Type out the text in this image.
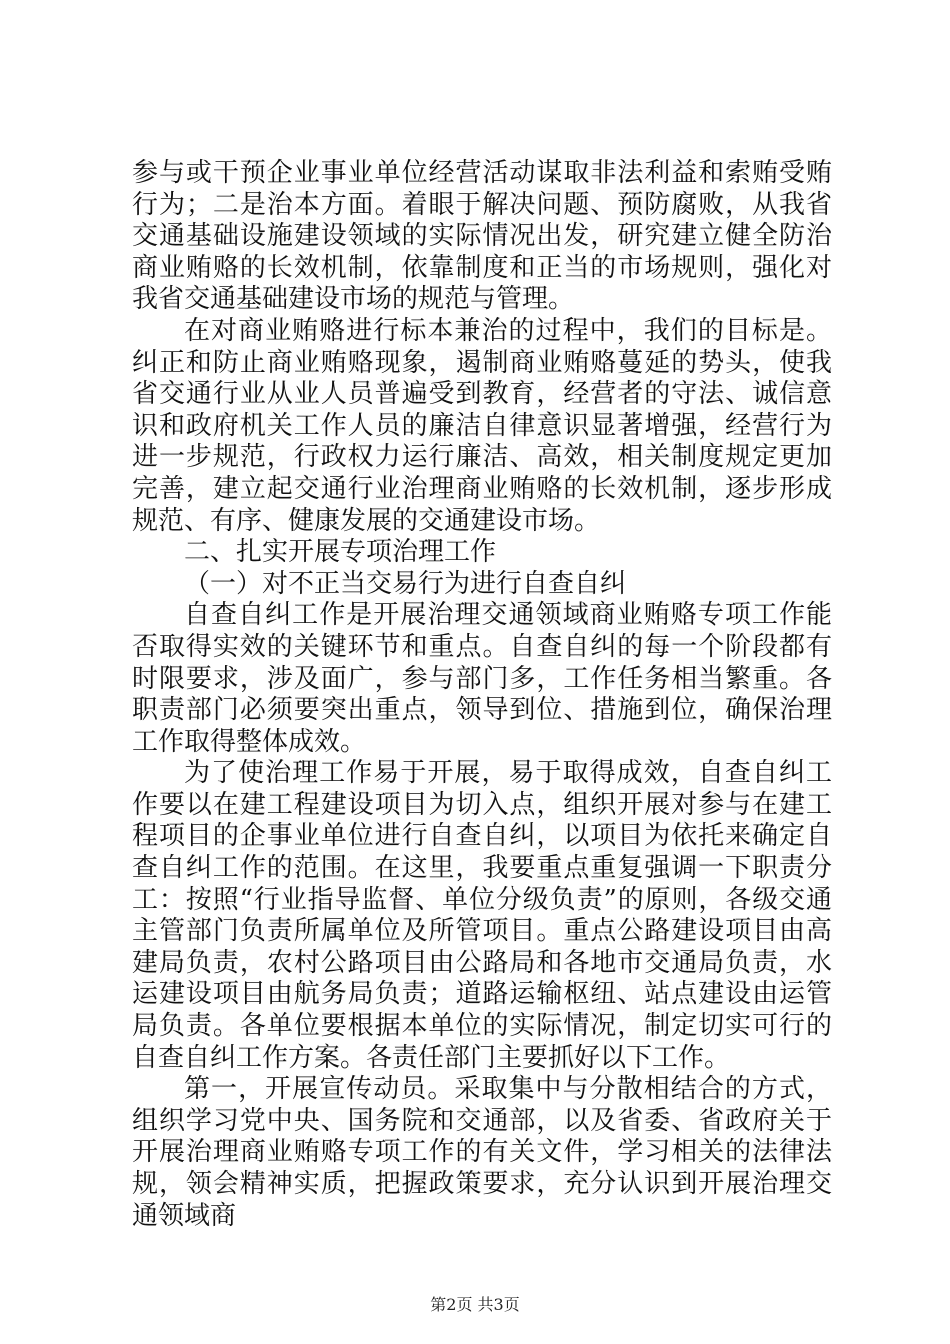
参与或干预企业事业单位经营活动谋取非法利益和索贿受贿行为；二是治本方面。着眼于解决问题、预防腐败，从我省交通基础设施建设领域的实际情况出发，研究建立健全防治商业贿赂的长效机制，依靠制度和正当的市场规则，强化对我省交通基础建设市场的规范与管理。

在对商业贿赂进行标本兼治的过程中，我们的目标是。纠正和防止商业贿赂现象，遏制商业贿赂蔓延的势头，使我省交通行业从业人员普遍受到教育，经营者的守法、诚信意识和政府机关工作人员的廉洁自律意识显著增强，经营行为进一步规范，行政权力运行廉洁、高效，相关制度规定更加完善，建立起交通行业治理商业贿赂的长效机制，逐步形成规范、有序、健康发展的交通建设市场。

二、扎实开展专项治理工作

（一）对不正当交易行为进行自查自纠

自查自纠工作是开展治理交通领域商业贿赂专项工作能否取得实效的关键环节和重点。自查自纠的每一个阶段都有时限要求，涉及面广，参与部门多，工作任务相当繁重。各职责部门必须要突出重点，领导到位、措施到位，确保治理工作取得整体成效。

为了使治理工作易于开展，易于取得成效，自查自纠工作要以在建工程建设项目为切入点，组织开展对参与在建工程项目的企事业单位进行自查自纠，以项目为依托来确定自查自纠工作的范围。在这里，我要重点重复强调一下职责分工：按照“行业指导监督、单位分级负责”的原则，各级交通主管部门负责所属单位及所管项目。重点公路建设项目由高建局负责，农村公路项目由公路局和各地市交通局负责，水运建设项目由航务局负责；道路运输枢纽、站点建设由运管局负责。各单位要根据本单位的实际情况，制定切实可行的自查自纠工作方案。各责任部门主要抓好以下工作。

第一，开展宣传动员。采取集中与分散相结合的方式，组织学习党中央、国务院和交通部，以及省委、省政府关于开展治理商业贿赂专项工作的有关文件，学习相关的法律法规，领会精神实质，把握政策要求，充分认识到开展治理交通领域商

第2页 共3页
